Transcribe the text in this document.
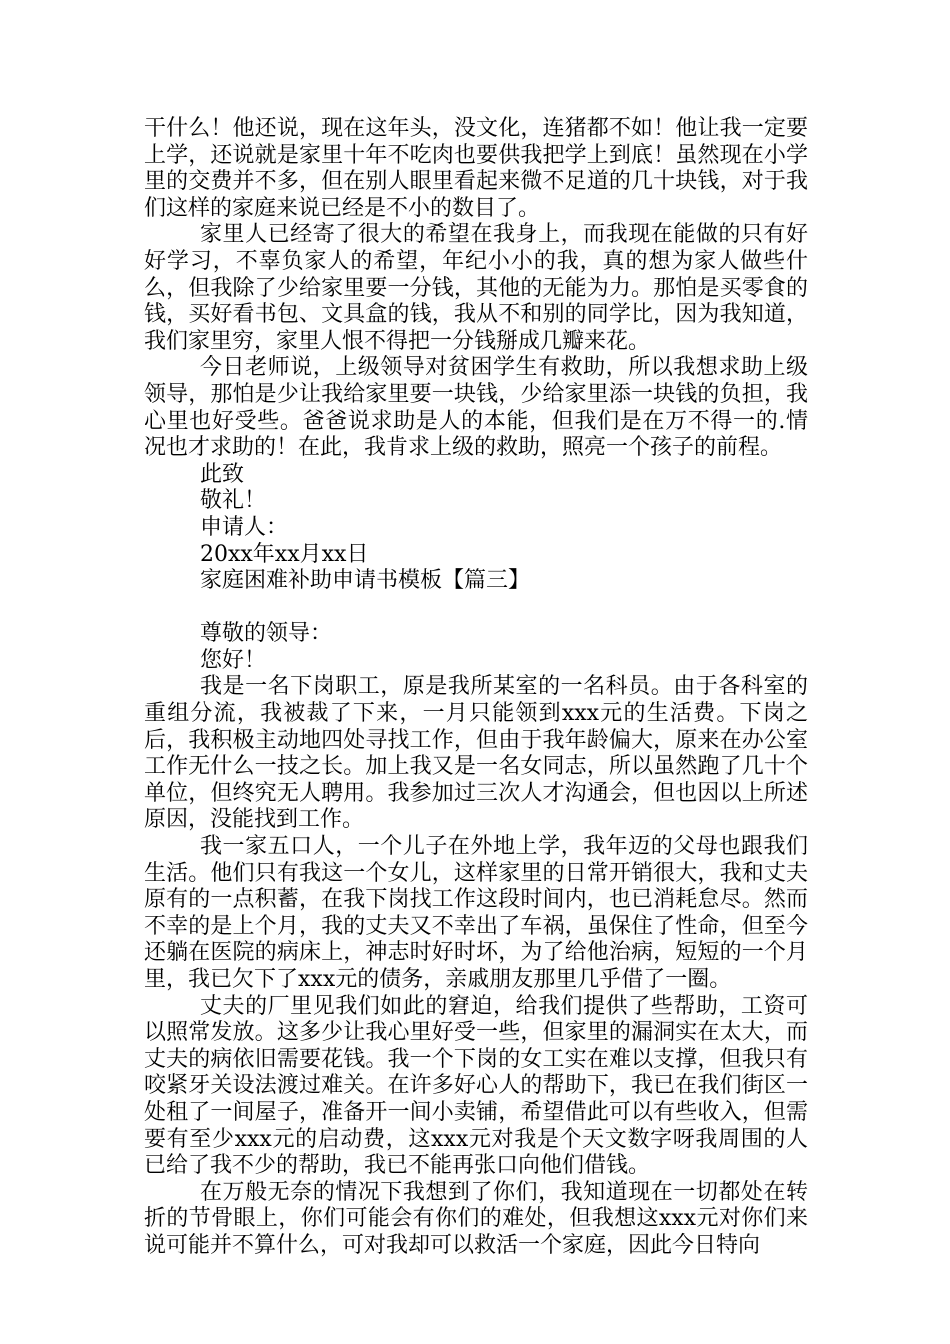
干什么！他还说，现在这年头，没文化，连猪都不如！他让我一定要上学，还说就是家里十年不吃肉也要供我把学上到底！虽然现在小学里的交费并不多，但在别人眼里看起来微不足道的几十块钱，对于我们这样的家庭来说已经是不小的数目了。

家里人已经寄了很大的希望在我身上，而我现在能做的只有好好学习，不辜负家人的希望，年纪小小的我，真的想为家人做些什么，但我除了少给家里要一分钱，其他的无能为力。那怕是买零食的钱，买好看书包、文具盒的钱，我从不和别的同学比，因为我知道，我们家里穷，家里人恨不得把一分钱掰成几瓣来花。

今日老师说，上级领导对贫困学生有救助，所以我想求助上级领导，那怕是少让我给家里要一块钱，少给家里添一块钱的负担，我心里也好受些。爸爸说求助是人的本能，但我们是在万不得一的.情况也才求助的！在此，我肯求上级的救助，照亮一个孩子的前程。

此致

敬礼！

申请人：

20xx年xx月xx日

家庭困难补助申请书模板【篇三】

尊敬的领导：

您好！

我是一名下岗职工，原是我所某室的一名科员。由于各科室的重组分流，我被裁了下来，一月只能领到xxx元的生活费。下岗之后，我积极主动地四处寻找工作，但由于我年龄偏大，原来在办公室工作无什么一技之长。加上我又是一名女同志，所以虽然跑了几十个单位，但终究无人聘用。我参加过三次人才沟通会，但也因以上所述原因，没能找到工作。

我一家五口人，一个儿子在外地上学，我年迈的父母也跟我们生活。他们只有我这一个女儿，这样家里的日常开销很大，我和丈夫原有的一点积蓄，在我下岗找工作这段时间内，也已消耗怠尽。然而不幸的是上个月，我的丈夫又不幸出了车祸，虽保住了性命，但至今还躺在医院的病床上，神志时好时坏，为了给他治病，短短的一个月里，我已欠下了xxx元的债务，亲戚朋友那里几乎借了一圈。

丈夫的厂里见我们如此的窘迫，给我们提供了些帮助，工资可以照常发放。这多少让我心里好受一些，但家里的漏洞实在太大，而丈夫的病依旧需要花钱。我一个下岗的女工实在难以支撑，但我只有咬紧牙关设法渡过难关。在许多好心人的帮助下，我已在我们街区一处租了一间屋子，准备开一间小卖铺，希望借此可以有些收入，但需要有至少xxx元的启动费，这xxx元对我是个天文数字呀我周围的人已给了我不少的帮助，我已不能再张口向他们借钱。

在万般无奈的情况下我想到了你们，我知道现在一切都处在转折的节骨眼上，你们可能会有你们的难处，但我想这xxx元对你们来说可能并不算什么，可对我却可以救活一个家庭，因此今日特向
